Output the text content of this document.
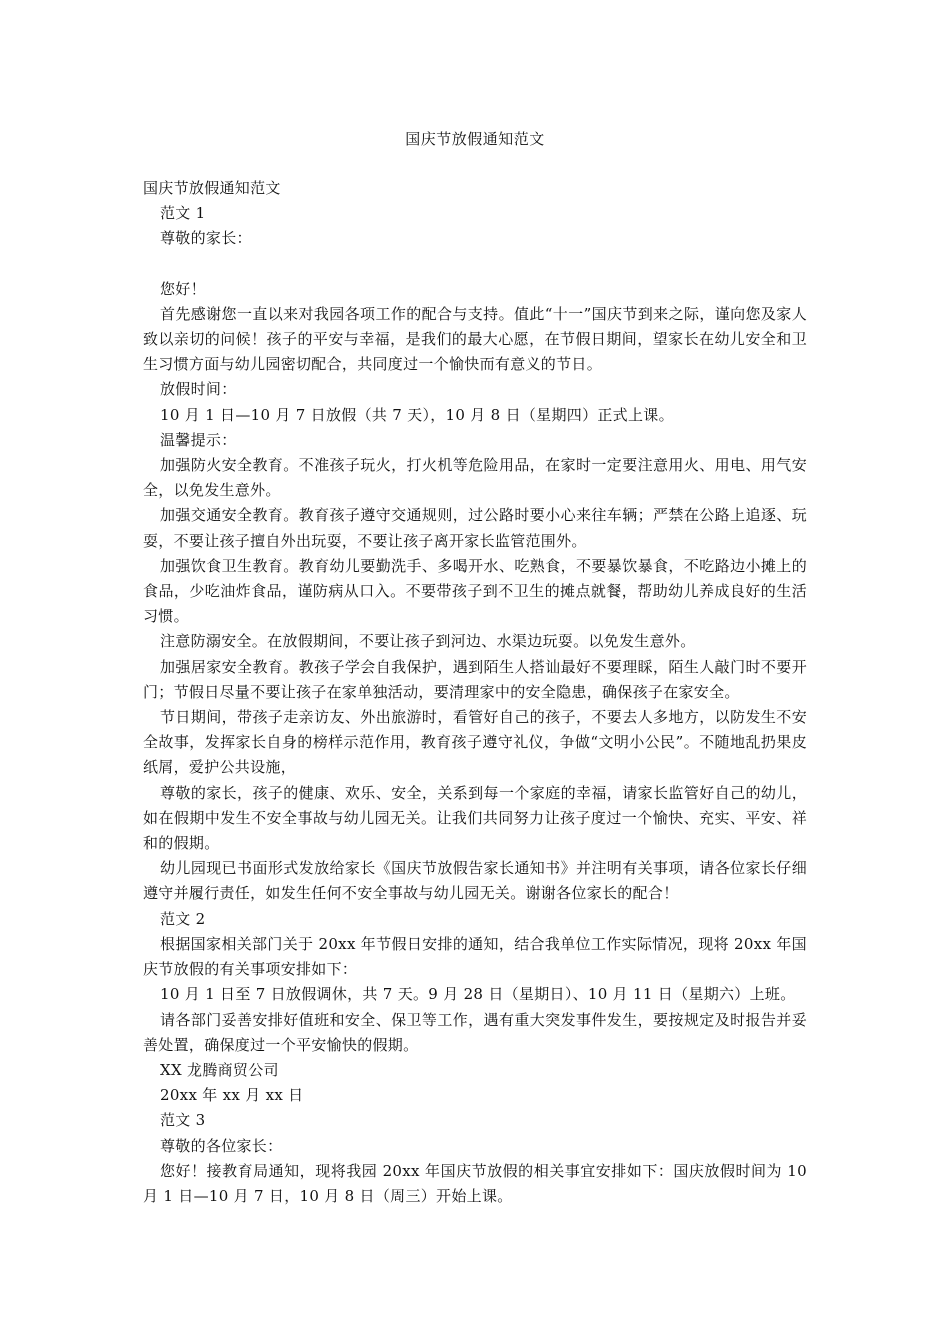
国庆节放假通知范文

国庆节放假通知范文

范文 1

尊敬的家长：

您好！

首先感谢您一直以来对我园各项工作的配合与支持。值此“十一”国庆节到来之际，谨向您及家人致以亲切的问候！孩子的平安与幸福，是我们的最大心愿，在节假日期间，望家长在幼儿安全和卫生习惯方面与幼儿园密切配合，共同度过一个愉快而有意义的节日。

放假时间：

10 月 1 日—10 月 7 日放假（共 7 天），10 月 8 日（星期四）正式上课。

温馨提示：

加强防火安全教育。不准孩子玩火，打火机等危险用品，在家时一定要注意用火、用电、用气安全，以免发生意外。

加强交通安全教育。教育孩子遵守交通规则，过公路时要小心来往车辆；严禁在公路上追逐、玩耍，不要让孩子擅自外出玩耍，不要让孩子离开家长监管范围外。

加强饮食卫生教育。教育幼儿要勤洗手、多喝开水、吃熟食，不要暴饮暴食，不吃路边小摊上的食品，少吃油炸食品，谨防病从口入。不要带孩子到不卫生的摊点就餐，帮助幼儿养成良好的生活习惯。

注意防溺安全。在放假期间，不要让孩子到河边、水渠边玩耍。以免发生意外。

加强居家安全教育。教孩子学会自我保护，遇到陌生人搭讪最好不要理睬，陌生人敲门时不要开门；节假日尽量不要让孩子在家单独活动，要清理家中的安全隐患，确保孩子在家安全。

节日期间，带孩子走亲访友、外出旅游时，看管好自己的孩子，不要去人多地方，以防发生不安全故事，发挥家长自身的榜样示范作用，教育孩子遵守礼仪，争做“文明小公民”。不随地乱扔果皮纸屑，爱护公共设施，

尊敬的家长，孩子的健康、欢乐、安全，关系到每一个家庭的幸福，请家长监管好自己的幼儿，如在假期中发生不安全事故与幼儿园无关。让我们共同努力让孩子度过一个愉快、充实、平安、祥和的假期。

幼儿园现已书面形式发放给家长《国庆节放假告家长通知书》并注明有关事项，请各位家长仔细遵守并履行责任，如发生任何不安全事故与幼儿园无关。谢谢各位家长的配合！

范文 2

根据国家相关部门关于 20xx 年节假日安排的通知，结合我单位工作实际情况，现将 20xx 年国庆节放假的有关事项安排如下：

10 月 1 日至 7 日放假调休，共 7 天。9 月 28 日（星期日）、10 月 11 日（星期六）上班。

请各部门妥善安排好值班和安全、保卫等工作，遇有重大突发事件发生，要按规定及时报告并妥善处置，确保度过一个平安愉快的假期。

XX 龙腾商贸公司

20xx 年 xx 月 xx 日

范文 3

尊敬的各位家长：

您好！接教育局通知，现将我园 20xx 年国庆节放假的相关事宜安排如下：国庆放假时间为 10 月 1 日—10 月 7 日，10 月 8 日（周三）开始上课。
